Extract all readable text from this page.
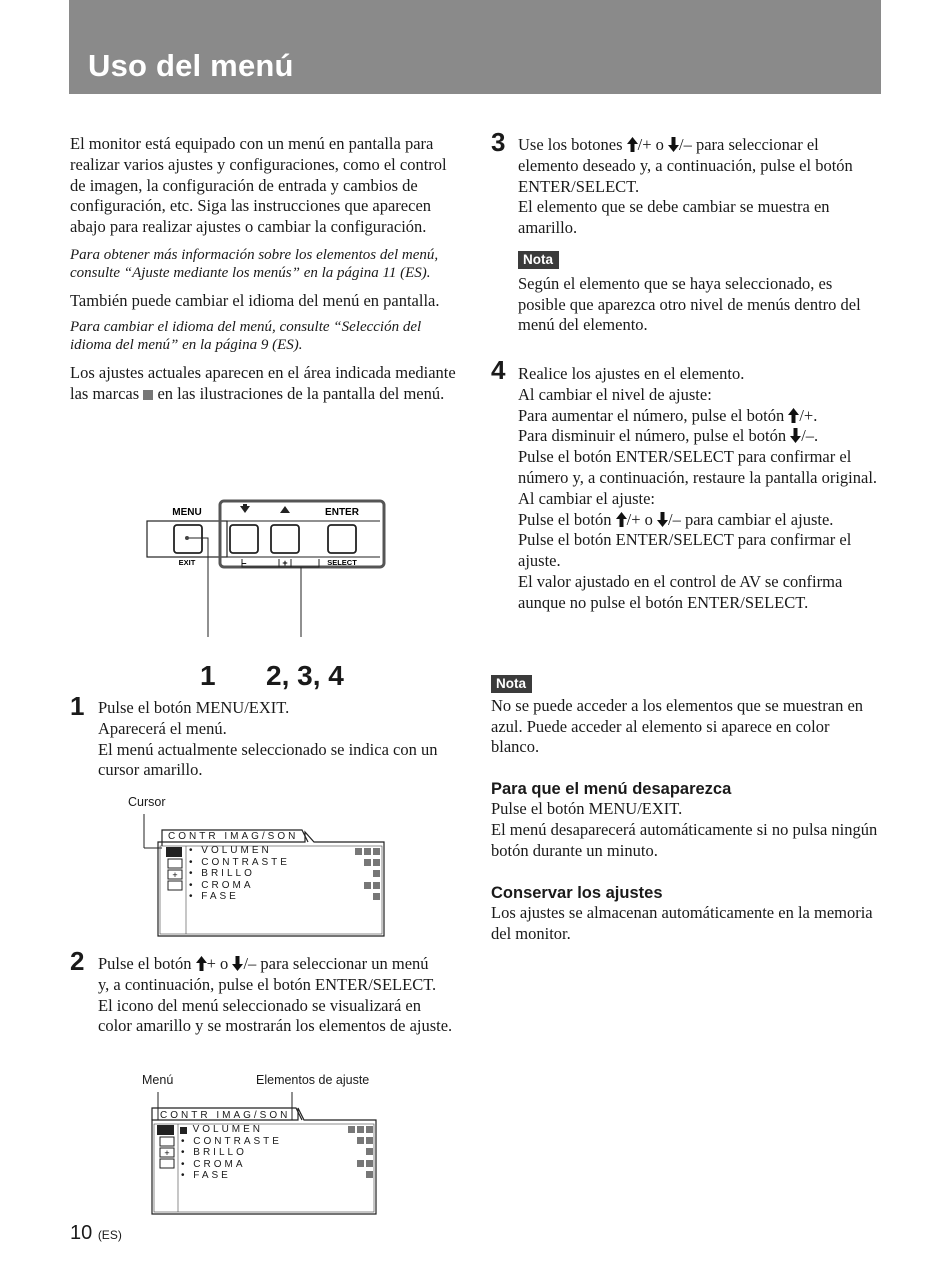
Uso del menú

El monitor está equipado con un menú en pantalla para realizar varios ajustes y configuraciones, como el control de imagen, la configuración de entrada y cambios de configuración, etc. Siga las instrucciones que aparecen abajo para realizar ajustes o cambiar la configuración.

Para obtener más información sobre los elementos del menú, consulte “Ajuste mediante los menús” en la página 11 (ES).

También puede cambiar el idioma del menú en pantalla.

Para cambiar el idioma del menú, consulte “Selección del idioma del menú” en la página 9 (ES).

Los ajustes actuales aparecen en el área indicada mediante las marcas en las ilustraciones de la pantalla del menú.

MENU
EXIT
ENTER
SELECT
–	+
1 2, 3, 4
1 Pulse el botón MENU/EXIT.

Aparecerá el menú.

El menú actualmente seleccionado se indica con un cursor amarillo.

Cursor
+
CONTR IMAG/SON
• VOLUMEN
• CONTRASTE
• BRILLO
• CROMA
• FASE
2 Pulse el botón + o /– para seleccionar un menú

y, a continuación, pulse el botón ENTER/SELECT.

El icono del menú seleccionado se visualizará en color amarillo y se mostrarán los elementos de ajuste.

Menú	Elementos de ajuste
+
CONTR IMAG/SON
VOLUMEN
• CONTRASTE
• BRILLO
• CROMA
• FASE
10 (ES)
3 Use los botones /+ o /– para seleccionar el

elemento deseado y, a continuación, pulse el botón ENTER/SELECT.

El elemento que se debe cambiar se muestra en amarillo.

Nota

Según el elemento que se haya seleccionado, es posible que aparezca otro nivel de menús dentro del menú del elemento.

4 Realice los ajustes en el elemento.

Al cambiar el nivel de ajuste:

Para aumentar el número, pulse el botón /+.

Para disminuir el número, pulse el botón /–.

Pulse el botón ENTER/SELECT para confirmar el número y, a continuación, restaure la pantalla original.

Al cambiar el ajuste:

Pulse el botón /+ o /– para cambiar el ajuste.

Pulse el botón ENTER/SELECT para confirmar el ajuste.

El valor ajustado en el control de AV se confirma aunque no pulse el botón ENTER/SELECT.

Nota

No se puede acceder a los elementos que se muestran en azul. Puede acceder al elemento si aparece en color blanco.

Para que el menú desaparezca

Pulse el botón MENU/EXIT.

El menú desaparecerá automáticamente si no pulsa ningún botón durante un minuto.

Conservar los ajustes

Los ajustes se almacenan automáticamente en la memoria del monitor.
